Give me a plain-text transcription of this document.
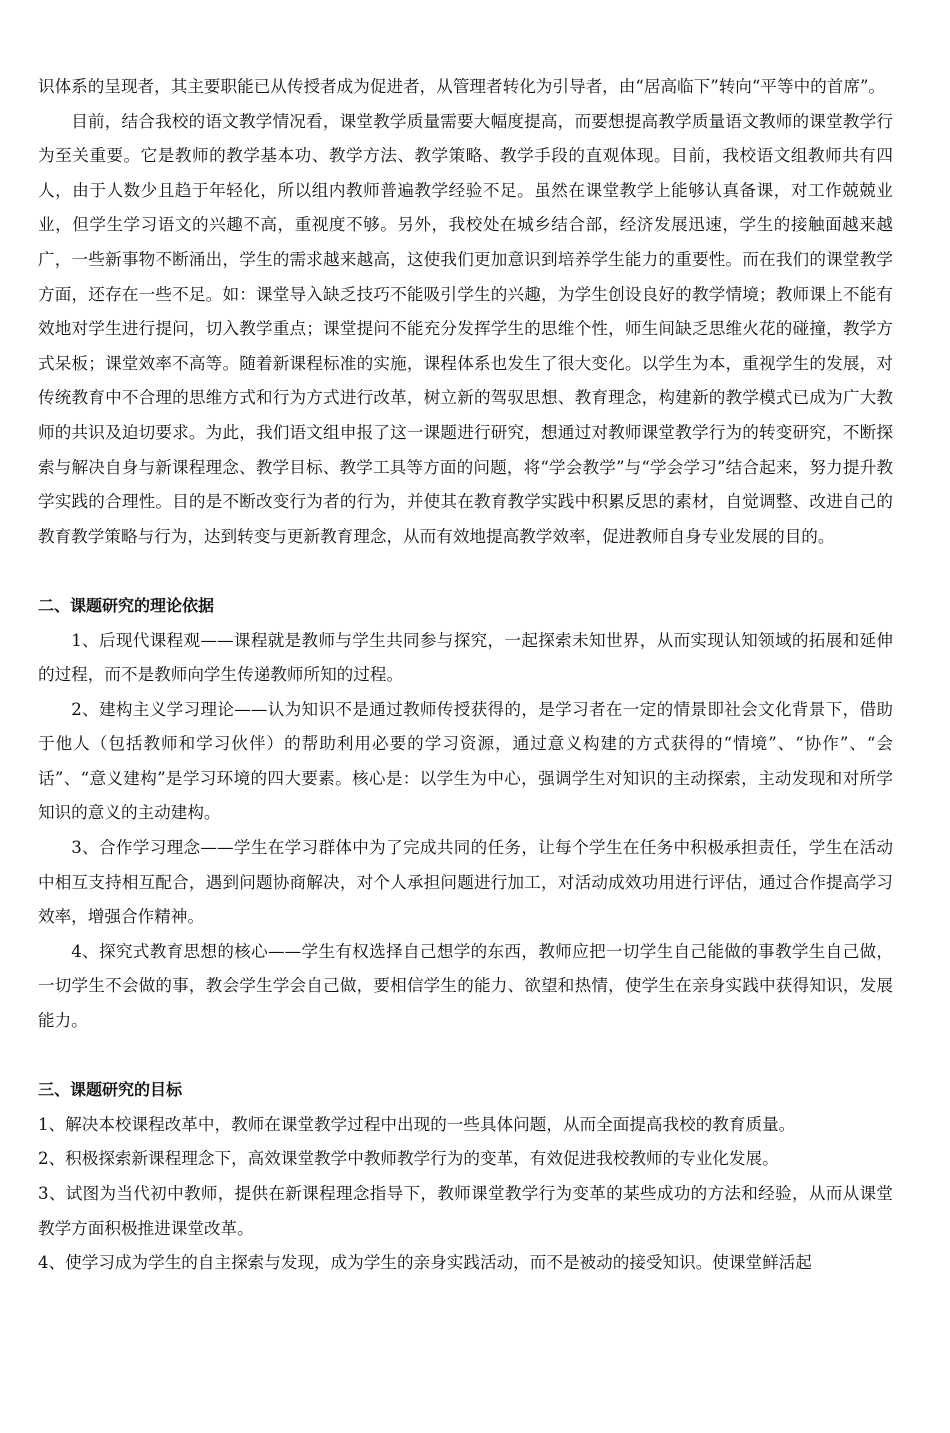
识体系的呈现者，其主要职能已从传授者成为促进者，从管理者转化为引导者，由“居高临下”转向“平等中的首席”。

目前，结合我校的语文教学情况看，课堂教学质量需要大幅度提高，而要想提高教学质量语文教师的课堂教学行为至关重要。它是教师的教学基本功、教学方法、教学策略、教学手段的直观体现。目前，我校语文组教师共有四人，由于人数少且趋于年轻化，所以组内教师普遍教学经验不足。虽然在课堂教学上能够认真备课，对工作兢兢业业，但学生学习语文的兴趣不高，重视度不够。另外，我校处在城乡结合部，经济发展迅速，学生的接触面越来越广，一些新事物不断涌出，学生的需求越来越高，这使我们更加意识到培养学生能力的重要性。而在我们的课堂教学方面，还存在一些不足。如：课堂导入缺乏技巧不能吸引学生的兴趣，为学生创设良好的教学情境；教师课上不能有效地对学生进行提问，切入教学重点；课堂提问不能充分发挥学生的思维个性，师生间缺乏思维火花的碰撞，教学方式呆板；课堂效率不高等。随着新课程标准的实施，课程体系也发生了很大变化。以学生为本，重视学生的发展，对传统教育中不合理的思维方式和行为方式进行改革，树立新的驾驭思想、教育理念，构建新的教学模式已成为广大教师的共识及迫切要求。为此，我们语文组申报了这一课题进行研究，想通过对教师课堂教学行为的转变研究，不断探索与解决自身与新课程理念、教学目标、教学工具等方面的问题，将“学会教学”与“学会学习”结合起来，努力提升教学实践的合理性。目的是不断改变行为者的行为，并使其在教育教学实践中积累反思的素材，自觉调整、改进自己的教育教学策略与行为，达到转变与更新教育理念，从而有效地提高教学效率，促进教师自身专业发展的目的。

二、课题研究的理论依据

1、后现代课程观——课程就是教师与学生共同参与探究，一起探索未知世界，从而实现认知领域的拓展和延伸的过程，而不是教师向学生传递教师所知的过程。

2、建构主义学习理论——认为知识不是通过教师传授获得的，是学习者在一定的情景即社会文化背景下，借助于他人（包括教师和学习伙伴）的帮助利用必要的学习资源，通过意义构建的方式获得的“情境”、“协作”、“会话”、“意义建构”是学习环境的四大要素。核心是：以学生为中心，强调学生对知识的主动探索，主动发现和对所学知识的意义的主动建构。

3、合作学习理念——学生在学习群体中为了完成共同的任务，让每个学生在任务中积极承担责任，学生在活动中相互支持相互配合，遇到问题协商解决，对个人承担问题进行加工，对活动成效功用进行评估，通过合作提高学习效率，增强合作精神。

4、探究式教育思想的核心——学生有权选择自己想学的东西，教师应把一切学生自己能做的事教学生自己做，一切学生不会做的事，教会学生学会自己做，要相信学生的能力、欲望和热情，使学生在亲身实践中获得知识，发展能力。

三、课题研究的目标

1、解决本校课程改革中，教师在课堂教学过程中出现的一些具体问题，从而全面提高我校的教育质量。

2、积极探索新课程理念下，高效课堂教学中教师教学行为的变革，有效促进我校教师的专业化发展。

3、试图为当代初中教师，提供在新课程理念指导下，教师课堂教学行为变革的某些成功的方法和经验，从而从课堂教学方面积极推进课堂改革。

4、使学习成为学生的自主探索与发现，成为学生的亲身实践活动，而不是被动的接受知识。使课堂鲜活起
